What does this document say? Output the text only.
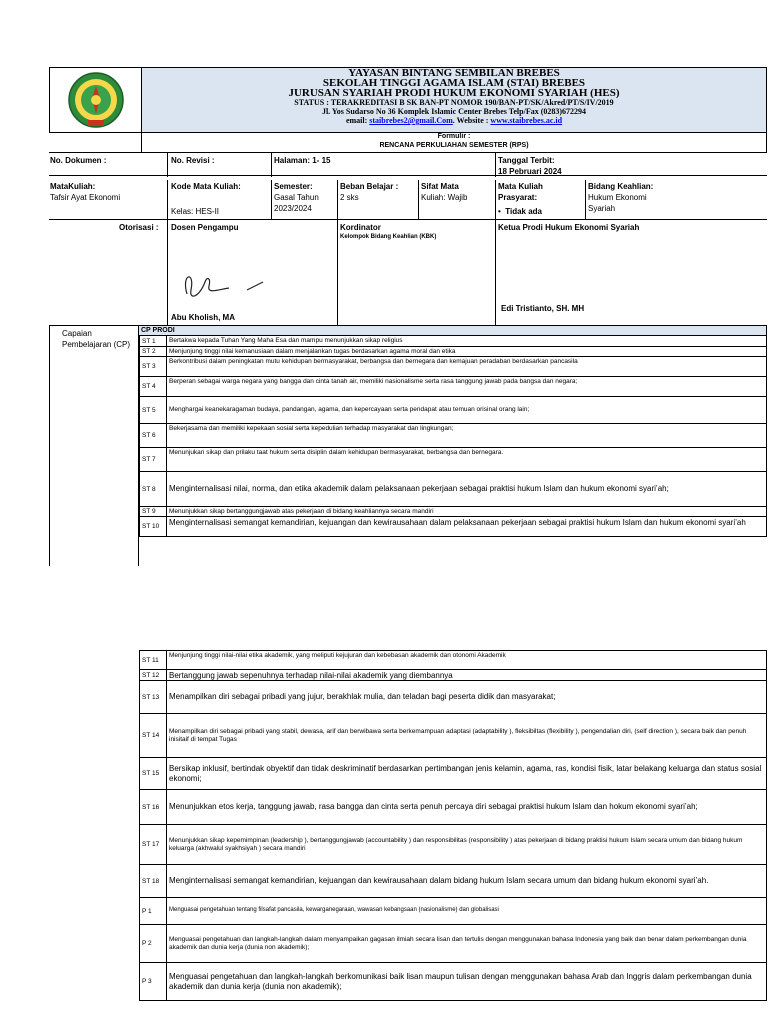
YAYASAN BINTANG SEMBILAN BREBES
SEKOLAH TINGGI AGAMA ISLAM (STAI) BREBES
JURUSAN SYARIAH PRODI HUKUM EKONOMI SYARIAH (HES)
STATUS : TERAKREDITASI B SK BAN-PT NOMOR 190/BAN-PT/SK/Akred/PT/S/IV/2019
Jl. Yos Sudarso No 36 Komplek Islamic Center Brebes Telp/Fax (0283)672294
email: staibrebes2@gmail.Com. Website : www.staibrebes.ac.id
Formulir :
RENCANA PERKULIAHAN SEMESTER (RPS)
No. Dokumen :	No. Revisi :	Halaman: 1- 15	Tanggal Terbit:
18 Pebruari 2024
MataKuliah:
Tafsir Ayat Ekonomi
Kode Mata Kuliah:
Kelas: HES-II
Semester:
Gasal Tahun
2023/2024
Beban Belajar :
2 sks
Sifat Mata
Kuliah: Wajib
Mata Kuliah
Prasyarat:
•  Tidak ada
Bidang Keahlian:
Hukum Ekonomi
Syariah
Otorisasi : Dosen Pengampu
Abu Kholish, MA
Kordinator
Kelompok Bidang Keahlian (KBK)
Ketua Prodi Hukum Ekonomi Syariah
Edi Tristianto, SH. MH
Capaian
Pembelajaran (CP)
CP PRODI
ST 1	Bertakwa kepada Tuhan Yang Maha Esa dan mampu menunjukkan sikap religius
ST 2	Menjunjung tinggi nilai kemanusiaan dalam menjalankan tugas berdasarkan agama moral dan etika
ST 3
Berkontribusi dalam peningkatan mutu kehidupan bermasyarakat, berbangsa dan bernegara dan kemajuan peradaban berdasarkan pancasila
ST 4
Berperan sebagai warga negara yang bangga dan cinta tanah air, memiliki nasionalisme serta rasa tanggung jawab pada bangsa dan negara;
ST 5	Menghargai keanekaragaman budaya, pandangan, agama, dan kepercayaan serta pendapat atau temuan orisinal orang lain;
ST 6
Bekerjasama dan memiliki kepekaan sosial serta kepedulian terhadap masyarakat dan lingkungan;
ST 7
Menunjukan sikap dan prilaku taat hukum serta disiplin dalam kehidupan bermasyarakat, berbangsa dan bernegara.
ST 8	Menginternalisasi nilai, norma, dan etika akademik dalam pelaksanaan pekerjaan sebagai praktisi hukum Islam dan hukum ekonomi syari’ah;
ST 9	Menunjukkan sikap bertanggungjawab atas pekerjaan di bidang keahliannya secara mandiri
ST 10	Menginternalisasi semangat kemandirian, kejuangan dan kewirausahaan dalam pelaksanaan pekerjaan sebagai praktisi hukum Islam dan hukum ekonomi syari’ah
ST 11
Menjunjung tinggi nilai-nilai etika akademik, yang meliputi kejujuran dan kebebasan akademik dan otonomi Akademik
ST 12	Bertanggung jawab sepenuhnya terhadap nilai-nilai akademik yang diembannya
ST 13	Menampilkan diri sebagai pribadi yang jujur, berakhlak mulia, dan teladan bagi peserta didik dan masyarakat;
ST 14
Menampilkan diri sebagai pribadi yang stabil, dewasa, arif dan berwibawa serta berkemampuan adaptasi (adaptability ), fleksibiltas (flexibility ), pengendalian diri, (self direction ), secara baik dan penuh inisitaif di tempat Tugas
ST 15
Bersikap inklusif, bertindak obyektif dan tidak deskriminatif berdasarkan pertimbangan jenis kelamin, agama, ras, kondisi fisik, latar belakang keluarga dan status sosial ekonomi;
ST 16	Menunjukkan etos kerja, tanggung jawab, rasa bangga dan cinta serta penuh percaya diri sebagai praktisi hukum Islam dan hokum ekonomi syari’ah;
ST 17
Menunjukkan sikap kepemimpinan (leadership ), bertanggungjawab (accountability ) dan responsibilitas (responsibility ) atas pekerjaan di bidang praktisi hukum Islam secara umum dan bidang hukum keluarga (akhwalul syakhsiyah ) secara mandiri
ST 18	Menginternalisasi semangat kemandirian, kejuangan dan kewirausahaan dalam bidang hukum Islam secara umum dan bidang hukum ekonomi syari’ah.
P 1	Menguasai pengetahuan tentang filsafat pancasila, kewarganegaraan, wawasan kebangsaan (nasionalisme) dan globalisasi
P 2
Menguasai pengetahuan dan langkah-langkah dalam menyampaikan gagasan ilmiah secara lisan dan tertulis dengan menggunakan bahasa Indonesia yang baik dan benar dalam perkembangan dunia akademik dan dunia kerja (dunia non akademik);
P 3
Menguasai pengetahuan dan langkah-langkah berkomunikasi baik lisan maupun tulisan dengan menggunakan bahasa Arab dan Inggris dalam perkembangan dunia akademik dan dunia kerja (dunia non akademik);
